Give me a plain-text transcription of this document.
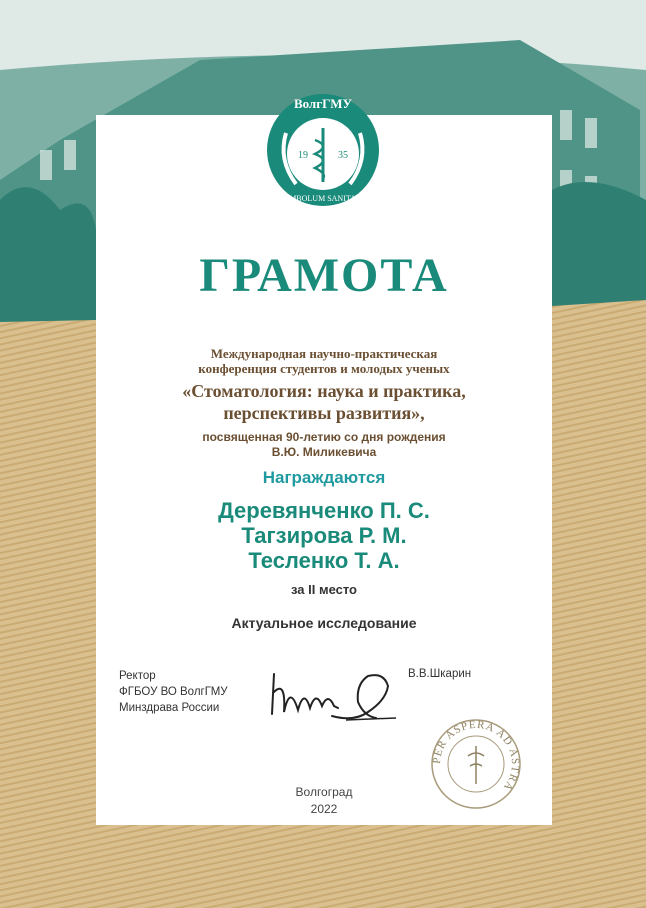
ВолгГМУ
19	35
SYMBOLUM SANITATIS
ГРАМОТА
Международная научно-практическая
конференция студентов и молодых ученых
«Стоматология: наука и практика,
перспективы развития»,
посвященная 90-летию со дня рождения
В.Ю. Миликевича
Награждаются
Деревянченко П. С.
Тагзирова Р. М.
Тесленко Т. А.
за II место
Актуальное исследование
Ректор
ФГБОУ ВО ВолгГМУ
Минздрава России
В.В.Шкарин
PER ASPERA AD ASTRA
Волгоград
2022
